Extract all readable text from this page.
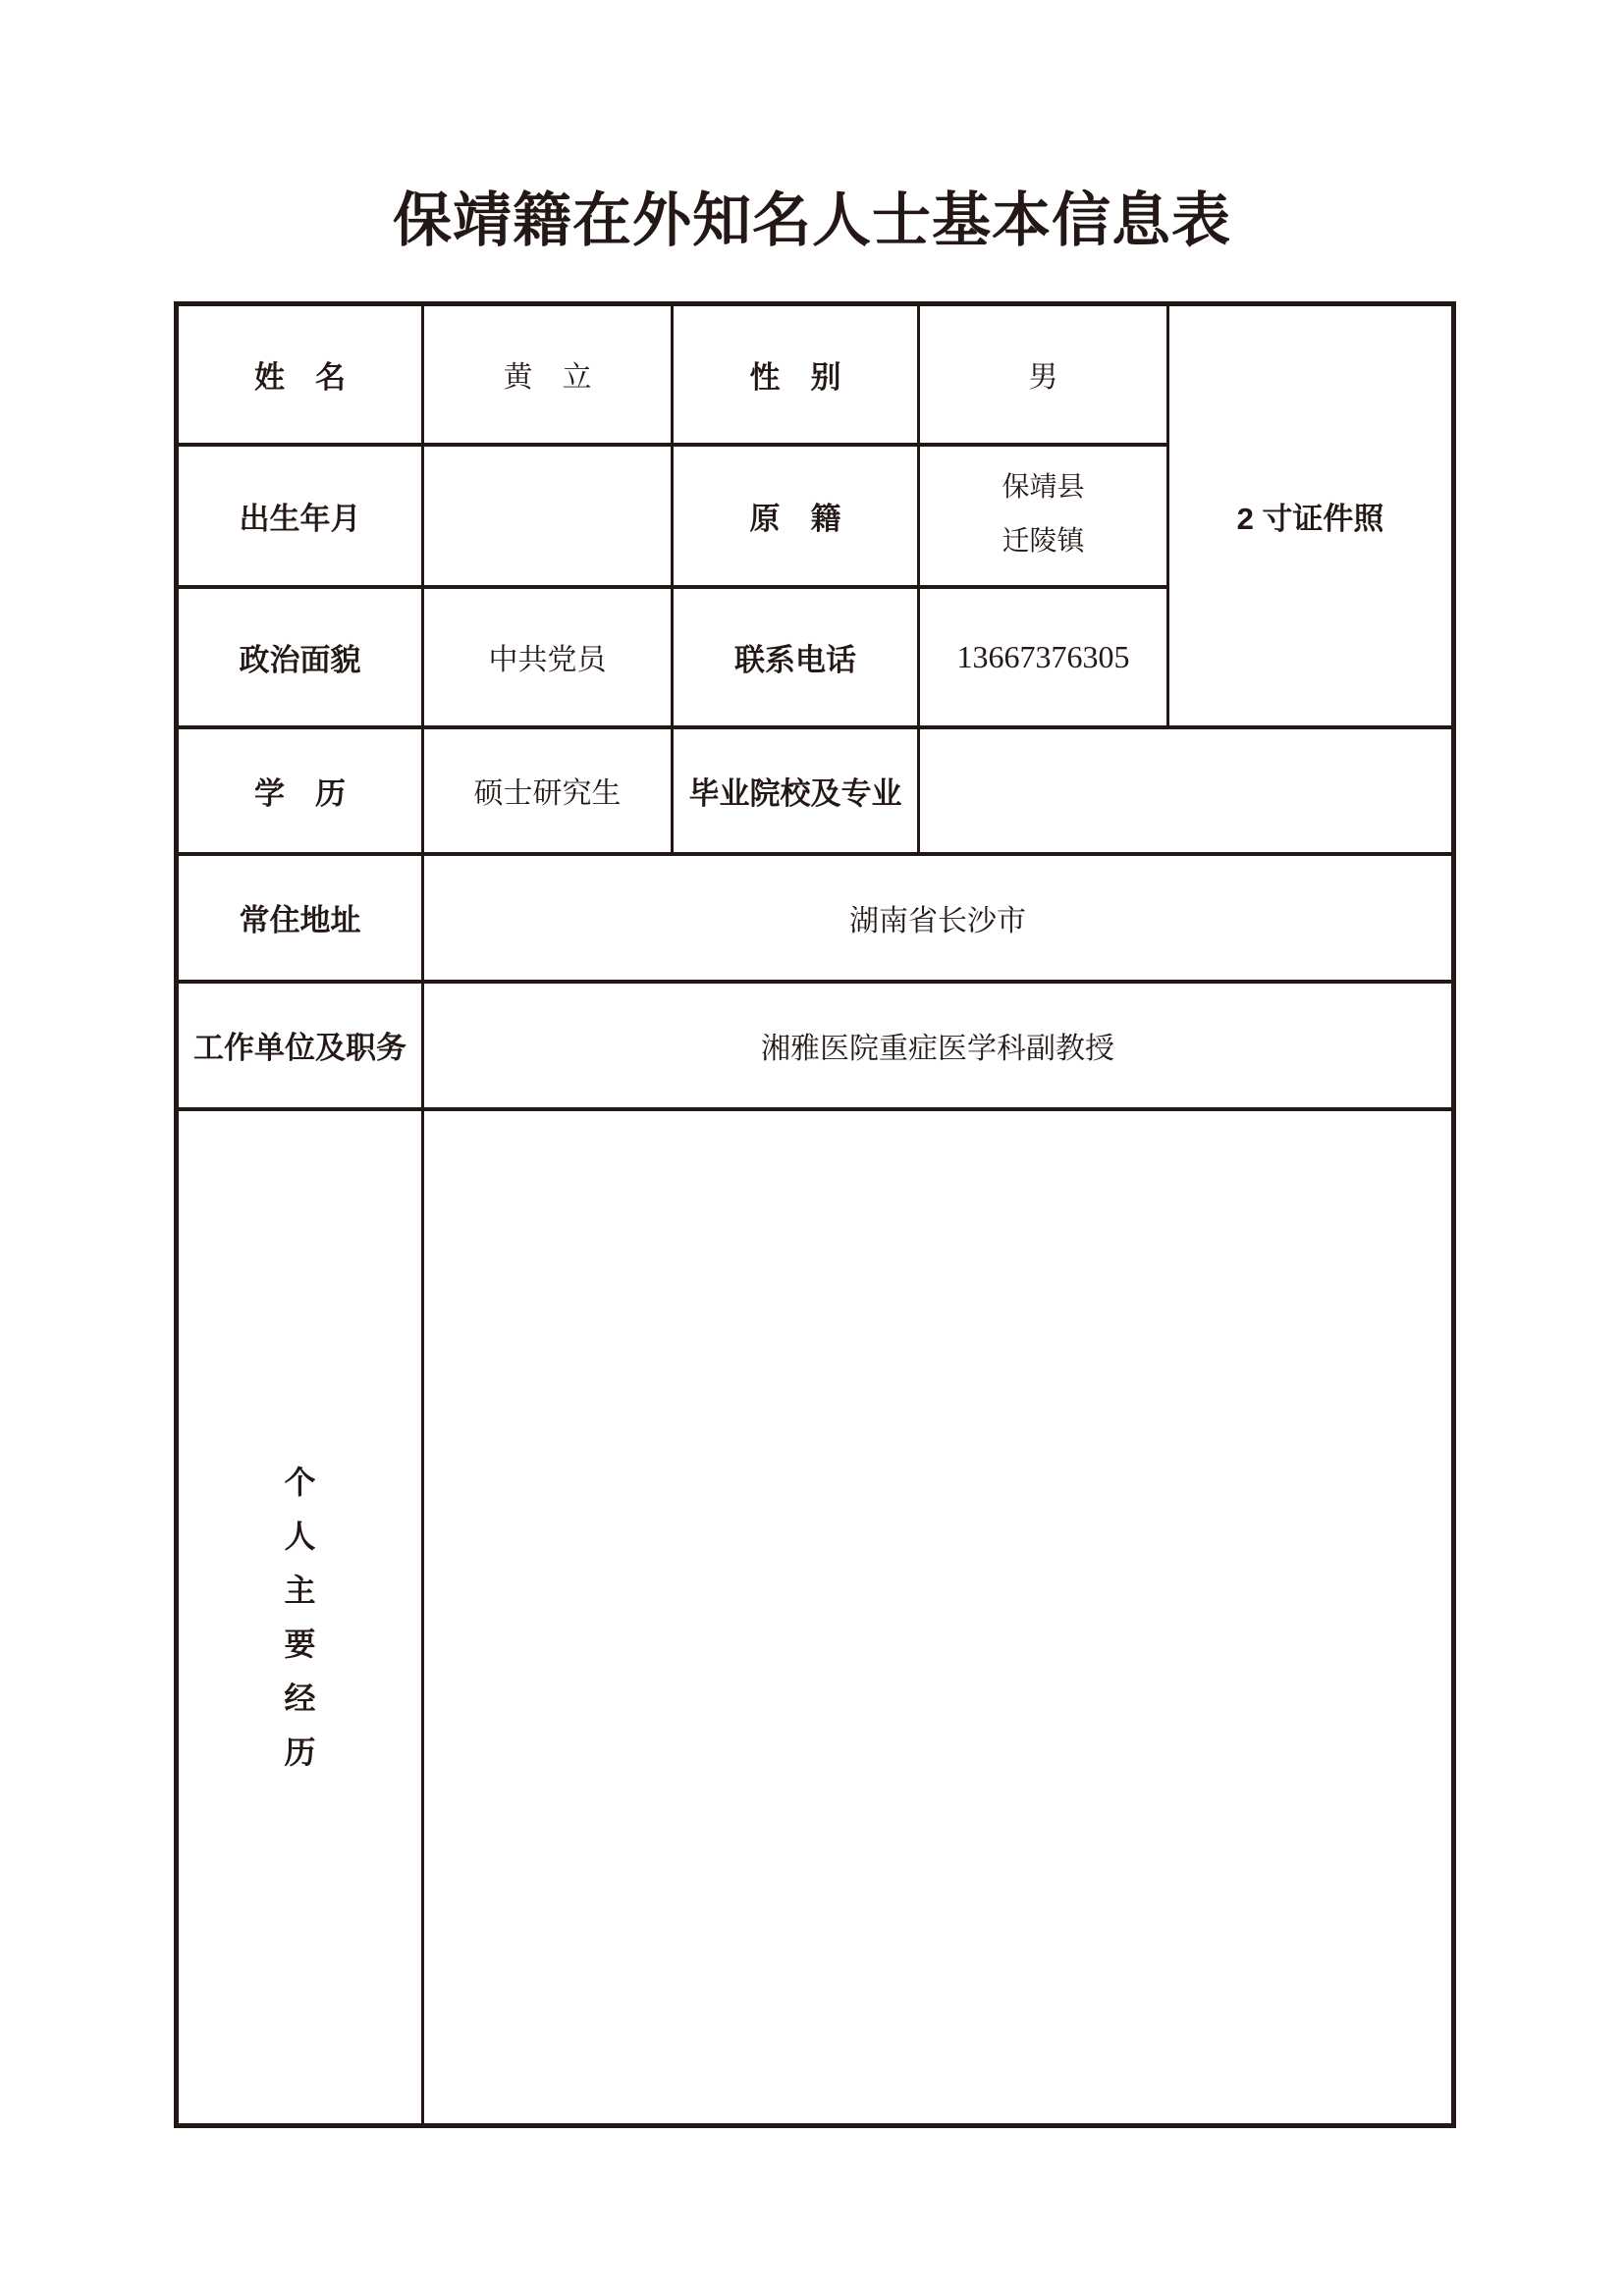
保靖籍在外知名人士基本信息表
姓　名	黄　立	性　别	男	2 寸证件照
出生年月		原　籍	保靖县
迁陵镇	
政治面貌	中共党员	联系电话	13667376305	
学　历	硕士研究生	毕业院校及专业		
常住地址	湖南省长沙市			
工作单位及职务	湘雅医院重症医学科副教授			

个
人
主
要
经
历
